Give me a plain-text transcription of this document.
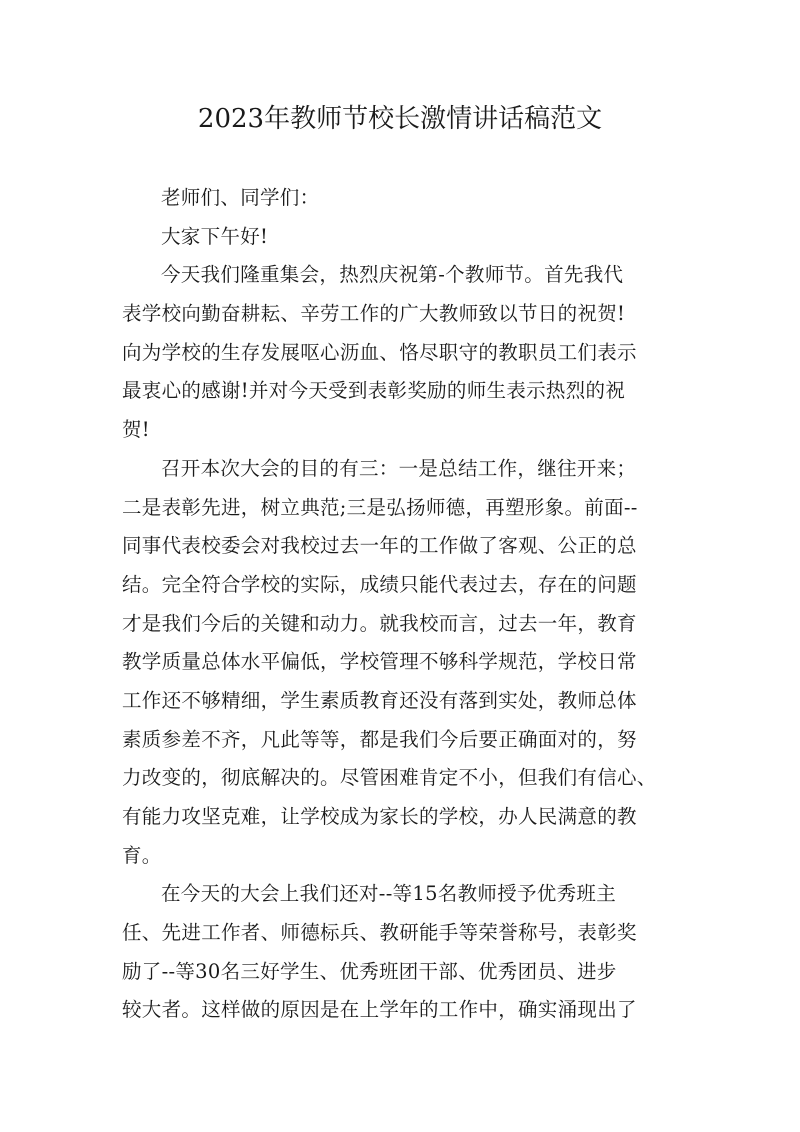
2023年教师节校长激情讲话稿范文
老师们、同学们：
大家下午好!
今天我们隆重集会，热烈庆祝第-个教师节。首先我代
表学校向勤奋耕耘、辛劳工作的广大教师致以节日的祝贺!
向为学校的生存发展呕心沥血、恪尽职守的教职员工们表示
最衷心的感谢!并对今天受到表彰奖励的师生表示热烈的祝
贺!
召开本次大会的目的有三：一是总结工作，继往开来；
二是表彰先进，树立典范;三是弘扬师德，再塑形象。前面--
同事代表校委会对我校过去一年的工作做了客观、公正的总
结。完全符合学校的实际，成绩只能代表过去，存在的问题
才是我们今后的关键和动力。就我校而言，过去一年，教育
教学质量总体水平偏低，学校管理不够科学规范，学校日常
工作还不够精细，学生素质教育还没有落到实处，教师总体
素质参差不齐，凡此等等，都是我们今后要正确面对的，努
力改变的，彻底解决的。尽管困难肯定不小，但我们有信心、
有能力攻坚克难，让学校成为家长的学校，办人民满意的教
育。
在今天的大会上我们还对--等15名教师授予优秀班主
任、先进工作者、师德标兵、教研能手等荣誉称号，表彰奖
励了--等30名三好学生、优秀班团干部、优秀团员、进步
较大者。这样做的原因是在上学年的工作中，确实涌现出了
